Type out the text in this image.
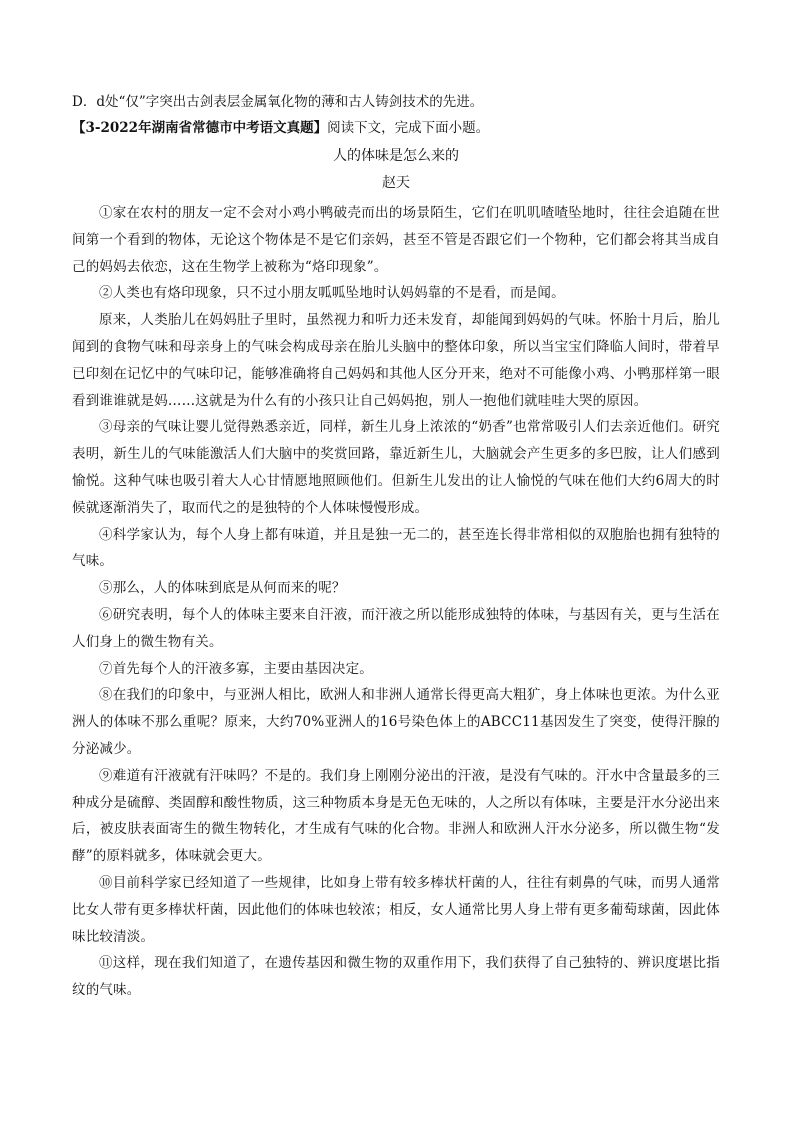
D．d处“仅”字突出古剑表层金属氧化物的薄和古人铸剑技术的先进。

【3-2022年湖南省常德市中考语文真题】阅读下文，完成下面小题。

人的体味是怎么来的

赵天

①家在农村的朋友一定不会对小鸡小鸭破壳而出的场景陌生，它们在叽叽喳喳坠地时，往往会追随在世间第一个看到的物体，无论这个物体是不是它们亲妈，甚至不管是否跟它们一个物种，它们都会将其当成自己的妈妈去依恋，这在生物学上被称为“烙印现象”。

②人类也有烙印现象，只不过小朋友呱呱坠地时认妈妈靠的不是看，而是闻。

原来，人类胎儿在妈妈肚子里时，虽然视力和听力还未发育，却能闻到妈妈的气味。怀胎十月后，胎儿闻到的食物气味和母亲身上的气味会构成母亲在胎儿头脑中的整体印象，所以当宝宝们降临人间时，带着早已印刻在记忆中的气味印记，能够准确将自己妈妈和其他人区分开来，绝对不可能像小鸡、小鸭那样第一眼看到谁谁就是妈……这就是为什么有的小孩只让自己妈妈抱，别人一抱他们就哇哇大哭的原因。

③母亲的气味让婴儿觉得熟悉亲近，同样，新生儿身上浓浓的“奶香”也常常吸引人们去亲近他们。研究表明，新生儿的气味能激活人们大脑中的奖赏回路，靠近新生儿，大脑就会产生更多的多巴胺，让人们感到愉悦。这种气味也吸引着大人心甘情愿地照顾他们。但新生儿发出的让人愉悦的气味在他们大约6周大的时候就逐渐消失了，取而代之的是独特的个人体味慢慢形成。

④科学家认为，每个人身上都有味道，并且是独一无二的，甚至连长得非常相似的双胞胎也拥有独特的气味。

⑤那么，人的体味到底是从何而来的呢？

⑥研究表明，每个人的体味主要来自汗液，而汗液之所以能形成独特的体味，与基因有关，更与生活在人们身上的微生物有关。

⑦首先每个人的汗液多寡，主要由基因决定。

⑧在我们的印象中，与亚洲人相比，欧洲人和非洲人通常长得更高大粗犷，身上体味也更浓。为什么亚洲人的体味不那么重呢？原来，大约70%亚洲人的16号染色体上的ABCC11基因发生了突变，使得汗腺的分泌减少。

⑨难道有汗液就有汗味吗？不是的。我们身上刚刚分泌出的汗液，是没有气味的。汗水中含量最多的三种成分是硫醇、类固醇和酸性物质，这三种物质本身是无色无味的，人之所以有体味，主要是汗水分泌出来后，被皮肤表面寄生的微生物转化，才生成有气味的化合物。非洲人和欧洲人汗水分泌多，所以微生物“发酵”的原料就多，体味就会更大。

⑩目前科学家已经知道了一些规律，比如身上带有较多棒状杆菌的人，往往有刺鼻的气味，而男人通常比女人带有更多棒状杆菌，因此他们的体味也较浓；相反，女人通常比男人身上带有更多葡萄球菌，因此体味比较清淡。

⑪这样，现在我们知道了，在遗传基因和微生物的双重作用下，我们获得了自己独特的、辨识度堪比指纹的气味。
